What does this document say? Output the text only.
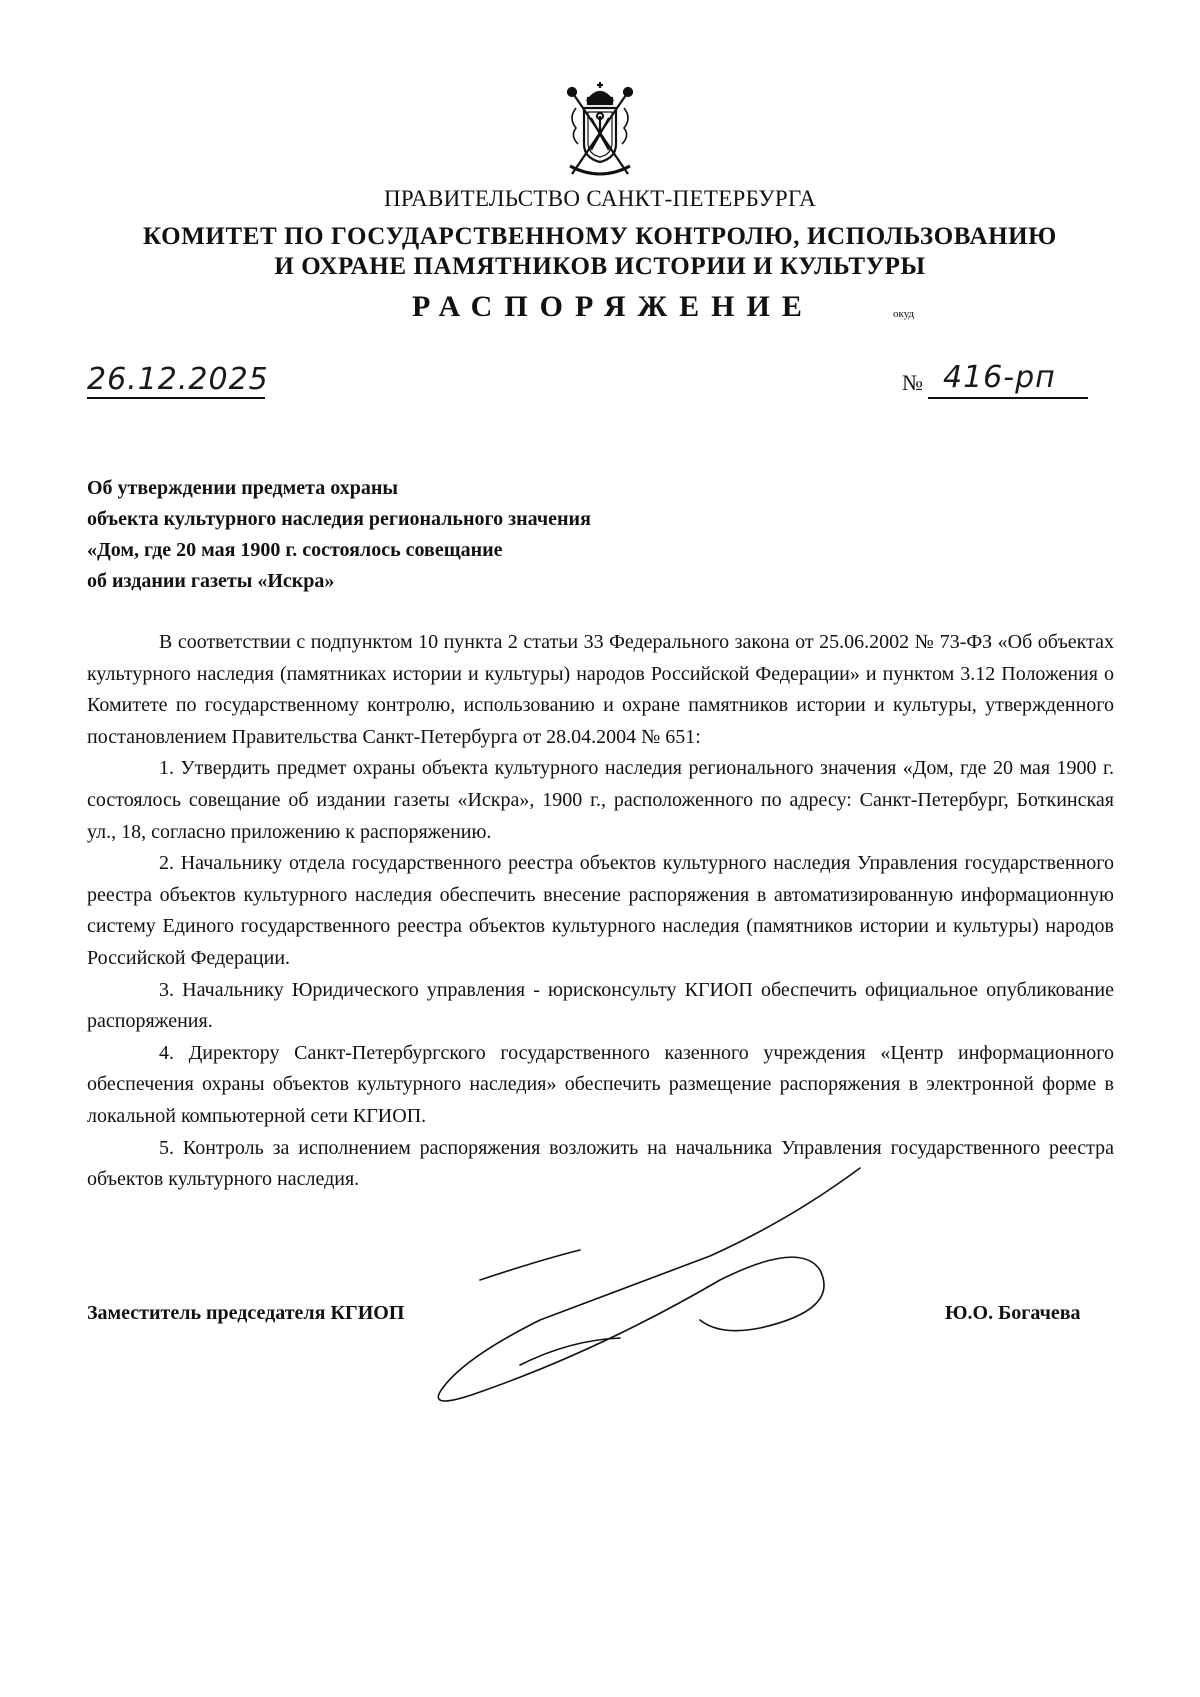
ПРАВИТЕЛЬСТВО САНКТ-ПЕТЕРБУРГА
КОМИТЕТ ПО ГОСУДАРСТВЕННОМУ КОНТРОЛЮ, ИСПОЛЬЗОВАНИЮ
И ОХРАНЕ ПАМЯТНИКОВ ИСТОРИИ И КУЛЬТУРЫ
РАСПОРЯЖЕНИЕ	окуд
26.12.2025	№ 416-рп
Об утверждении предмета охраны
объекта культурного наследия регионального значения
«Дом, где 20 мая 1900 г. состоялось совещание
об издании газеты «Искра»

В соответствии с подпунктом 10 пункта 2 статьи 33 Федерального закона от 25.06.2002 № 73-ФЗ «Об объектах культурного наследия (памятниках истории и культуры) народов Российской Федерации» и пунктом 3.12 Положения о Комитете по государственному контролю, использованию и охране памятников истории и культуры, утвержденного постановлением Правительства Санкт-Петербурга от 28.04.2004 № 651:

1. Утвердить предмет охраны объекта культурного наследия регионального значения «Дом, где 20 мая 1900 г. состоялось совещание об издании газеты «Искра», 1900 г., расположенного по адресу: Санкт-Петербург, Боткинская ул., 18, согласно приложению к распоряжению.

2. Начальнику отдела государственного реестра объектов культурного наследия Управления государственного реестра объектов культурного наследия обеспечить внесение распоряжения в автоматизированную информационную систему Единого государственного реестра объектов культурного наследия (памятников истории и культуры) народов Российской Федерации.

3. Начальнику Юридического управления - юрисконсульту КГИОП обеспечить официальное опубликование распоряжения.

4. Директору Санкт-Петербургского государственного казенного учреждения «Центр информационного обеспечения охраны объектов культурного наследия» обеспечить размещение распоряжения в электронной форме в локальной компьютерной сети КГИОП.

5. Контроль за исполнением распоряжения возложить на начальника Управления государственного реестра объектов культурного наследия.

Заместитель председателя КГИОП	Ю.О. Богачева
